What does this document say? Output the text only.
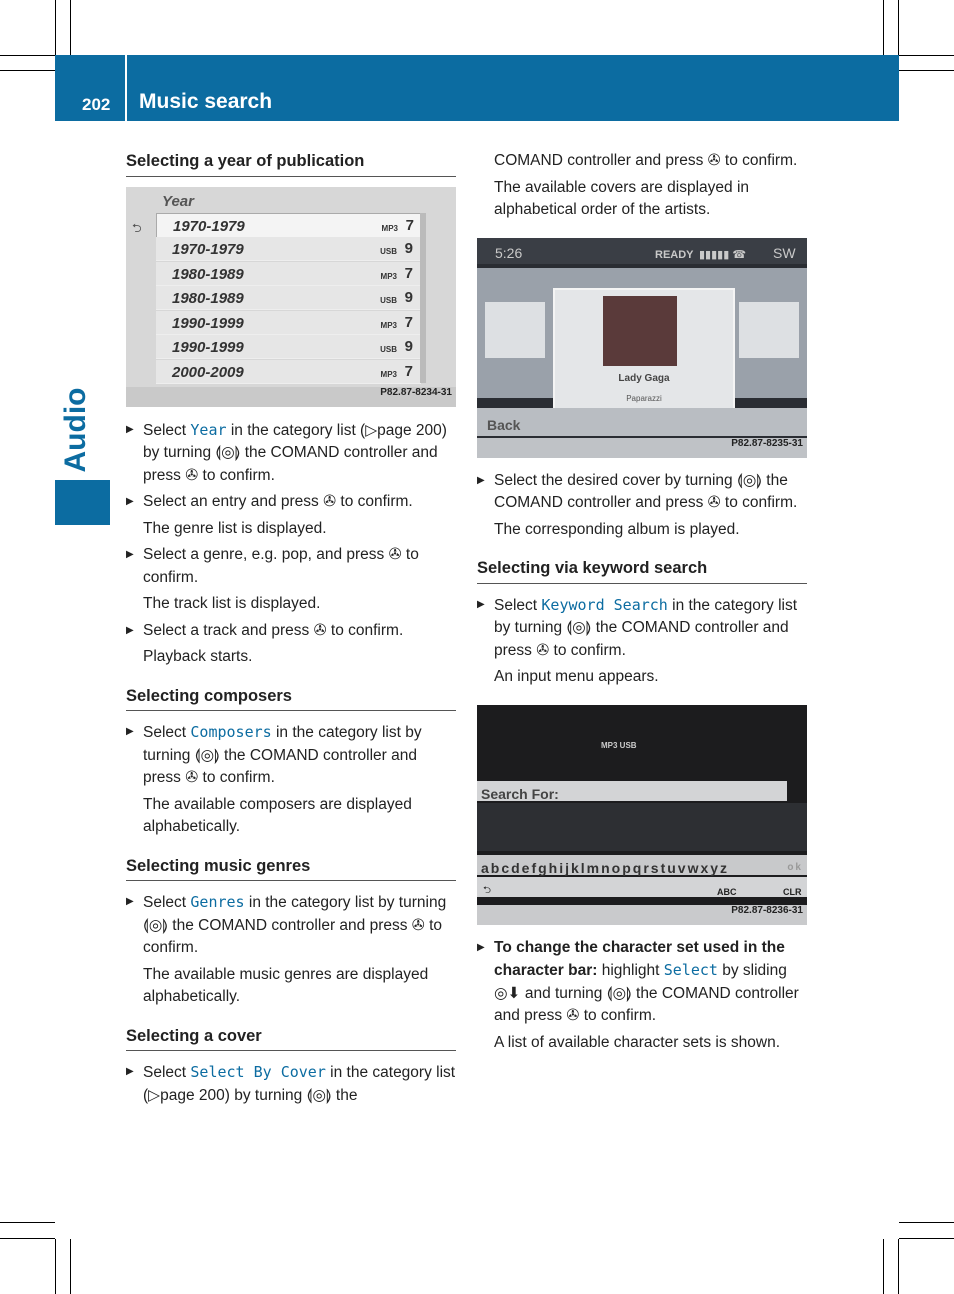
202 Music search
Audio
Selecting a year of publication
Year
⮌ 1970-1979	MP3 7
1970-1979	USB 9
1980-1989	MP3 7
1980-1989	USB 9
1990-1999	MP3 7
1990-1999	USB 9
2000-2009	MP3 7
P82.87-8234-31
▶ Select Year in the category list (▷page 200) by turning ⟬◎⟭ the COMAND controller and press ✇ to confirm.
▶ Select an entry and press ✇ to confirm.
The genre list is displayed.
▶ Select a genre, e.g. pop, and press ✇ to confirm.
The track list is displayed.
▶ Select a track and press ✇ to confirm.
Playback starts.
Selecting composers
▶ Select Composers in the category list by turning ⟬◎⟭ the COMAND controller and press ✇ to confirm.
The available composers are displayed alphabetically.
Selecting music genres
▶ Select Genres in the category list by turning ⟬◎⟭ the COMAND controller and press ✇ to confirm.
The available music genres are displayed alphabetically.
Selecting a cover
▶ Select Select By Cover in the category list (▷page 200) by turning ⟬◎⟭ the
COMAND controller and press ✇ to confirm.
The available covers are displayed in alphabetical order of the artists.
5:26	READY ▮▮▮▮▮ ☎ SW
Lady Gaga
Paparazzi
Back
P82.87-8235-31
▶ Select the desired cover by turning ⟬◎⟭ the COMAND controller and press ✇ to confirm.
The corresponding album is played.
Selecting via keyword search
▶ Select Keyword Search in the category list by turning ⟬◎⟭ the COMAND controller and press ✇ to confirm.
An input menu appears.
MP3 USB
Search For:
abcdefghijklmnopqrstuvwxyz	ok
⮌	ABC	CLR
P82.87-8236-31
▶ To change the character set used in the character bar: highlight Select by sliding ◎⬇ and turning ⟬◎⟭ the COMAND controller and press ✇ to confirm.
A list of available character sets is shown.
